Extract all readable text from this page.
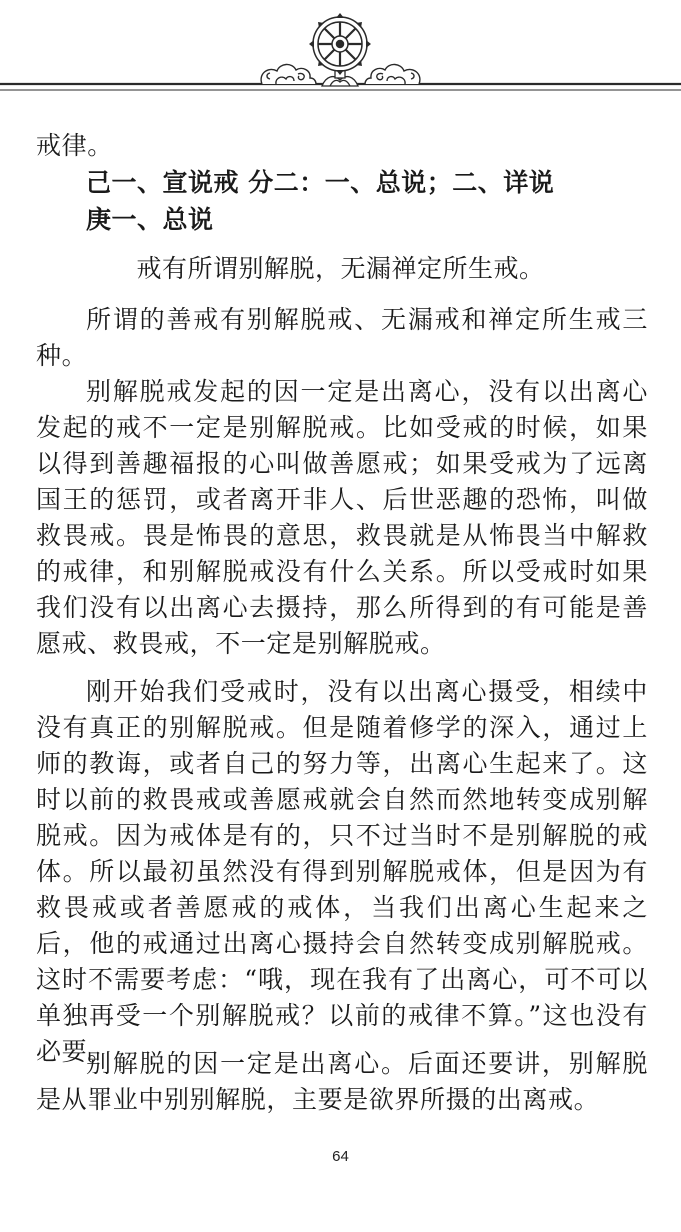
戒律。

己一、宣说戒 分二：一、总说；二、详说
庚一、总说

戒有所谓别解脱，无漏禅定所生戒。

所谓的善戒有别解脱戒、无漏戒和禅定所生戒三种。

别解脱戒发起的因一定是出离心，没有以出离心发起的戒不一定是别解脱戒。比如受戒的时候，如果以得到善趣福报的心叫做善愿戒；如果受戒为了远离国王的惩罚，或者离开非人、后世恶趣的恐怖，叫做救畏戒。畏是怖畏的意思，救畏就是从怖畏当中解救的戒律，和别解脱戒没有什么关系。所以受戒时如果我们没有以出离心去摄持，那么所得到的有可能是善愿戒、救畏戒，不一定是别解脱戒。

刚开始我们受戒时，没有以出离心摄受，相续中没有真正的别解脱戒。但是随着修学的深入，通过上师的教诲，或者自己的努力等，出离心生起来了。这时以前的救畏戒或善愿戒就会自然而然地转变成别解脱戒。因为戒体是有的，只不过当时不是别解脱的戒体。所以最初虽然没有得到别解脱戒体，但是因为有救畏戒或者善愿戒的戒体，当我们出离心生起来之后，他的戒通过出离心摄持会自然转变成别解脱戒。这时不需要考虑：“哦，现在我有了出离心，可不可以单独再受一个别解脱戒？以前的戒律不算。”这也没有必要。

别解脱的因一定是出离心。后面还要讲，别解脱是从罪业中别别解脱，主要是欲界所摄的出离戒。

64
